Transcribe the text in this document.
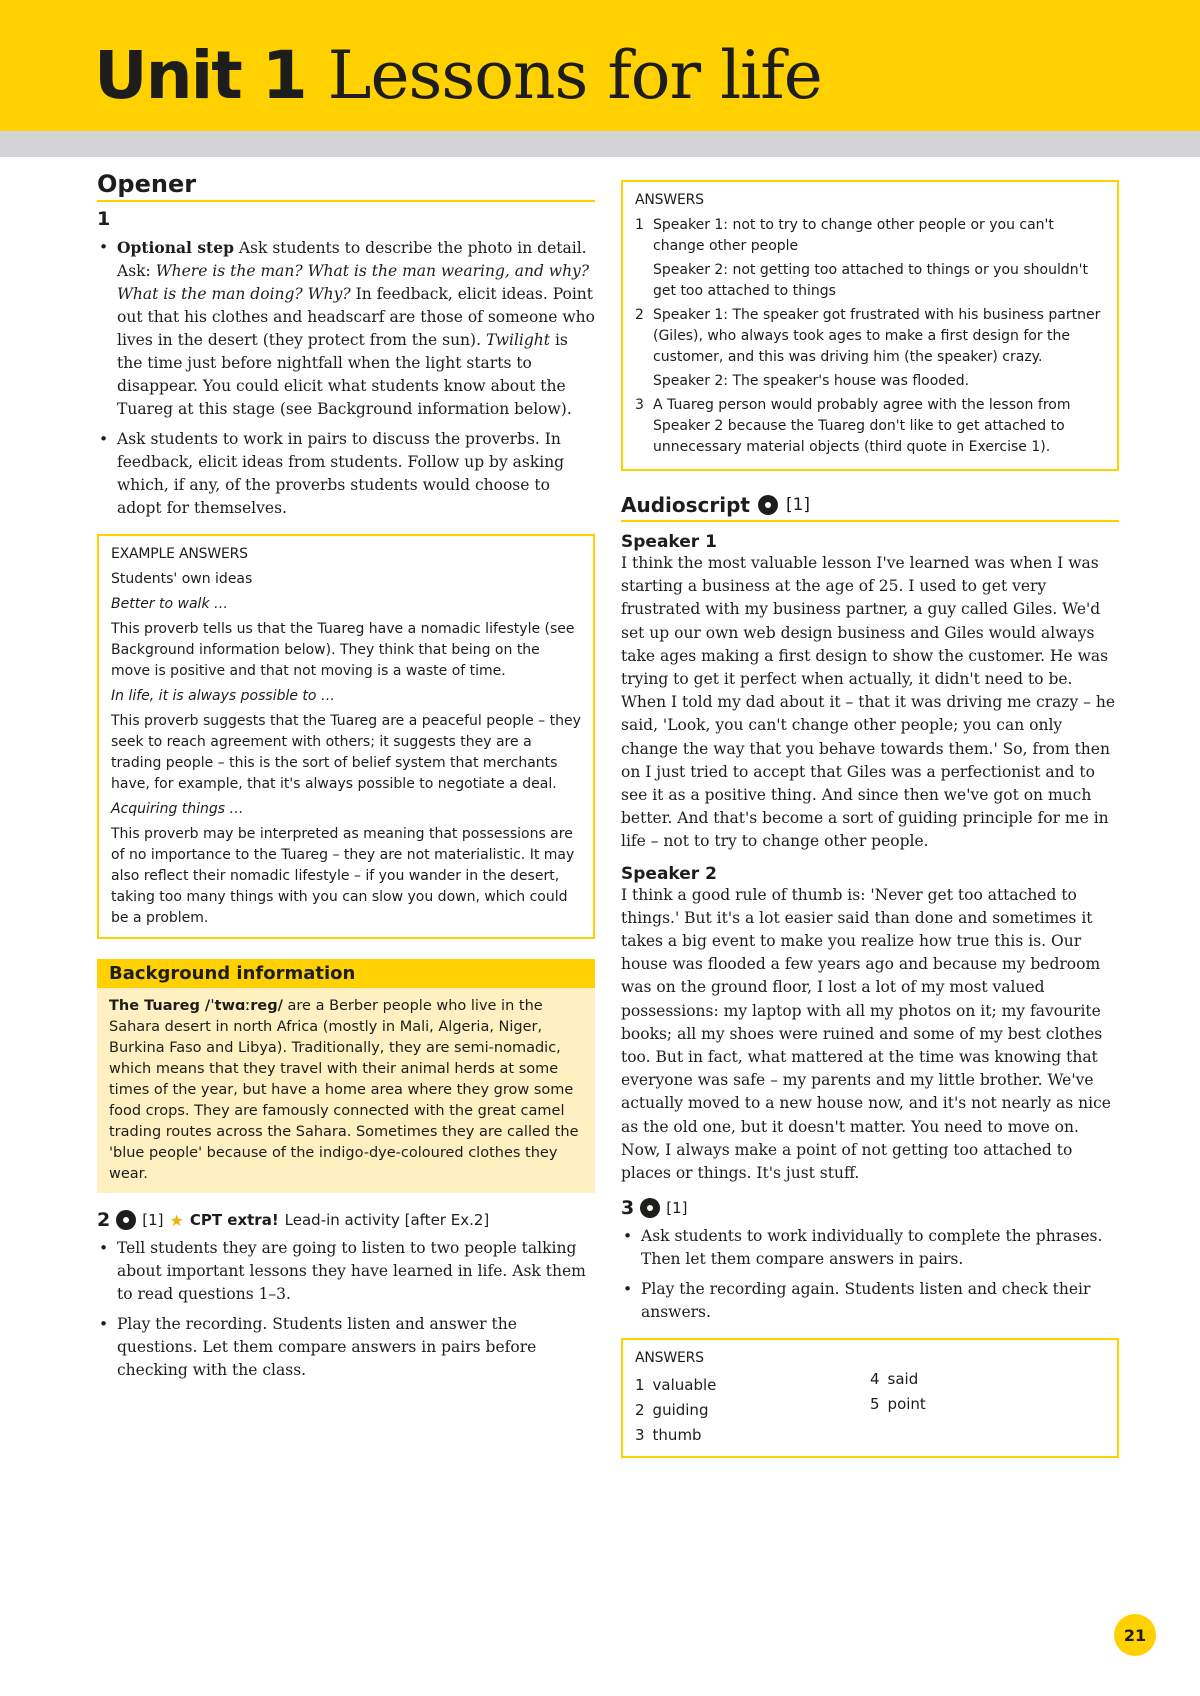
Unit 1 Lessons for life
Opener
1
• Optional step Ask students to describe the photo in detail. Ask: Where is the man? What is the man wearing, and why? What is the man doing? Why? In feedback, elicit ideas. Point out that his clothes and headscarf are those of someone who lives in the desert (they protect from the sun). Twilight is the time just before nightfall when the light starts to disappear. You could elicit what students know about the Tuareg at this stage (see Background information below).
• Ask students to work in pairs to discuss the proverbs. In feedback, elicit ideas from students. Follow up by asking which, if any, of the proverbs students would choose to adopt for themselves.

EXAMPLE ANSWERS

Students' own ideas

Better to walk …

This proverb tells us that the Tuareg have a nomadic lifestyle (see Background information below). They think that being on the move is positive and that not moving is a waste of time.

In life, it is always possible to …

This proverb suggests that the Tuareg are a peaceful people – they seek to reach agreement with others; it suggests they are a trading people – this is the sort of belief system that merchants have, for example, that it's always possible to negotiate a deal.

Acquiring things …

This proverb may be interpreted as meaning that possessions are of no importance to the Tuareg – they are not materialistic. It may also reflect their nomadic lifestyle – if you wander in the desert, taking too many things with you can slow you down, which could be a problem.

Background information

The Tuareg /ˈtwɑːreɡ/ are a Berber people who live in the Sahara desert in north Africa (mostly in Mali, Algeria, Niger, Burkina Faso and Libya). Traditionally, they are semi-nomadic, which means that they travel with their animal herds at some times of the year, but have a home area where they grow some food crops. They are famously connected with the great camel trading routes across the Sahara. Sometimes they are called the 'blue people' because of the indigo-dye-coloured clothes they wear.

2 [1] ★ CPT extra! Lead-in activity [after Ex.2]
• Tell students they are going to listen to two people talking about important lessons they have learned in life. Ask them to read questions 1–3.
• Play the recording. Students listen and answer the questions. Let them compare answers in pairs before checking with the class.

ANSWERS

1 Speaker 1: not to try to change other people or you can't change other people

Speaker 2: not getting too attached to things or you shouldn't get too attached to things

2 Speaker 1: The speaker got frustrated with his business partner (Giles), who always took ages to make a first design for the customer, and this was driving him (the speaker) crazy.

Speaker 2: The speaker's house was flooded.

3 A Tuareg person would probably agree with the lesson from Speaker 2 because the Tuareg don't like to get attached to unnecessary material objects (third quote in Exercise 1).

Audioscript [1]

Speaker 1

I think the most valuable lesson I've learned was when I was starting a business at the age of 25. I used to get very frustrated with my business partner, a guy called Giles. We'd set up our own web design business and Giles would always take ages making a first design to show the customer. He was trying to get it perfect when actually, it didn't need to be. When I told my dad about it – that it was driving me crazy – he said, 'Look, you can't change other people; you can only change the way that you behave towards them.' So, from then on I just tried to accept that Giles was a perfectionist and to see it as a positive thing. And since then we've got on much better. And that's become a sort of guiding principle for me in life – not to try to change other people.

Speaker 2

I think a good rule of thumb is: 'Never get too attached to things.' But it's a lot easier said than done and sometimes it takes a big event to make you realize how true this is. Our house was flooded a few years ago and because my bedroom was on the ground floor, I lost a lot of my most valued possessions: my laptop with all my photos on it; my favourite books; all my shoes were ruined and some of my best clothes too. But in fact, what mattered at the time was knowing that everyone was safe – my parents and my little brother. We've actually moved to a new house now, and it's not nearly as nice as the old one, but it doesn't matter. You need to move on. Now, I always make a point of not getting too attached to places or things. It's just stuff.

3 [1]
• Ask students to work individually to complete the phrases. Then let them compare answers in pairs.
• Play the recording again. Students listen and check their answers.

ANSWERS

1 valuable
2 guiding
3 thumb
4 said
5 point
21
